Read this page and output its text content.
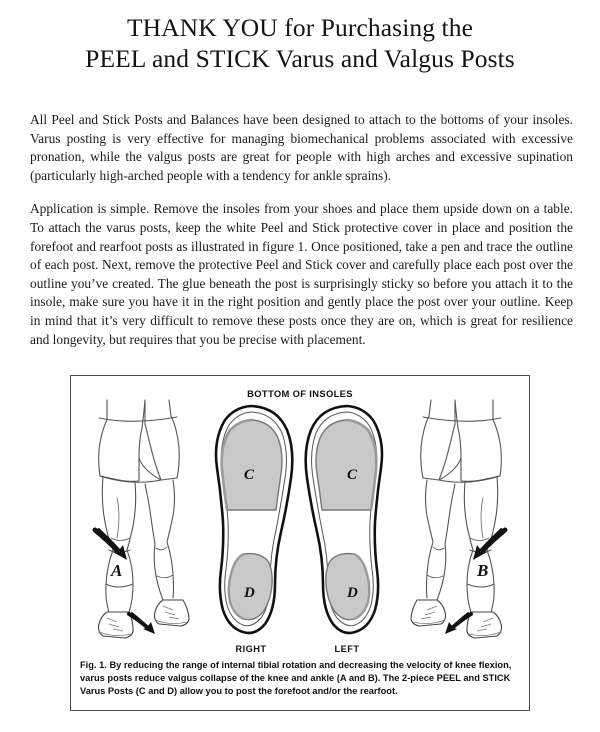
THANK YOU for Purchasing the
PEEL and STICK Varus and Valgus Posts

All Peel and Stick Posts and Balances have been designed to attach to the bottoms of your insoles. Varus posting is very effective for managing biomechanical problems associated with excessive pronation, while the valgus posts are great for people with high arches and excessive supination (particularly high-arched people with a tendency for ankle sprains).

Application is simple. Remove the insoles from your shoes and place them upside down on a table. To attach the varus posts, keep the white Peel and Stick protective cover in place and position the forefoot and rearfoot posts as illustrated in figure 1. Once positioned, take a pen and trace the outline of each post. Next, remove the protective Peel and Stick cover and carefully place each post over the outline you’ve created. The glue beneath the post is surprisingly sticky so before you attach it to the insole, make sure you have it in the right position and gently place the post over your outline. Keep in mind that it’s very difficult to remove these posts once they are on, which is great for resilience and longevity, but requires that you be precise with placement.

BOTTOM OF INSOLES
A
C
D
C
D
B
RIGHT	LEFT
Fig. 1. By reducing the range of internal tibial rotation and decreasing the velocity of knee flexion, varus posts reduce valgus collapse of the knee and ankle (A and B). The 2-piece PEEL and STICK Varus Posts (C and D) allow you to post the forefoot and/or the rearfoot.
